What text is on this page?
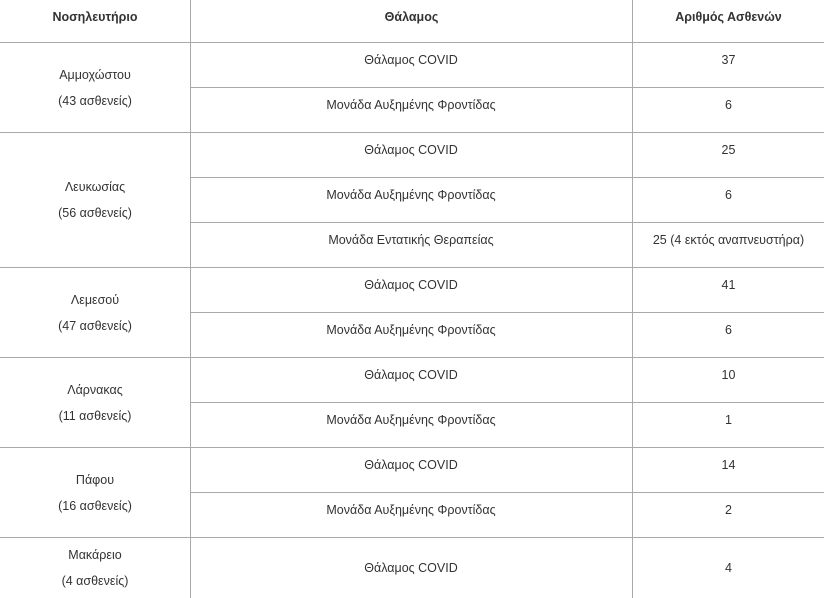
Νοσηλευτήριο	Θάλαμος	Αριθμός Ασθενών
Αμμοχώστου
(43 ασθενείς)
Θάλαμος COVID	37
Μονάδα Αυξημένης Φροντίδας	6
Λευκωσίας
(56 ασθενείς)
Θάλαμος COVID	25
Μονάδα Αυξημένης Φροντίδας	6
Μονάδα Εντατικής Θεραπείας	25 (4 εκτός αναπνευστήρα)
Λεμεσού
(47 ασθενείς)
Θάλαμος COVID	41
Μονάδα Αυξημένης Φροντίδας	6
Λάρνακας
(11 ασθενείς)
Θάλαμος COVID	10
Μονάδα Αυξημένης Φροντίδας	1
Πάφου
(16 ασθενείς)
Θάλαμος COVID	14
Μονάδα Αυξημένης Φροντίδας	2
Μακάρειο
(4 ασθενείς)
Θάλαμος COVID	4
